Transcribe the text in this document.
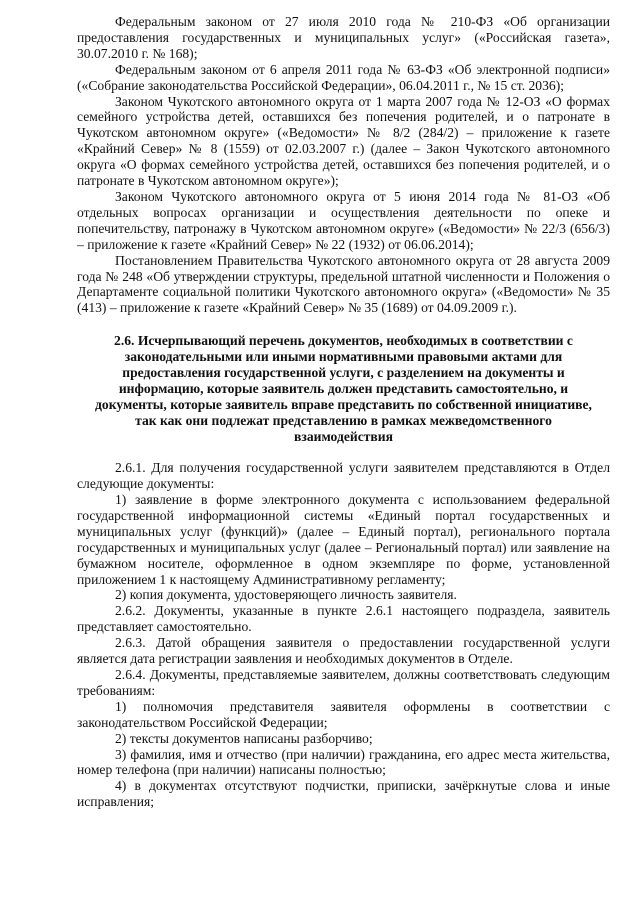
Федеральным законом от 27 июля 2010 года № 210-ФЗ «Об организации предоставления государственных и муниципальных услуг» («Российская газета», 30.07.2010 г. № 168);

Федеральным законом от 6 апреля 2011 года № 63-ФЗ «Об электронной подписи» («Собрание законодательства Российской Федерации», 06.04.2011 г., № 15 ст. 2036);

Законом Чукотского автономного округа от 1 марта 2007 года № 12-ОЗ «О формах семейного устройства детей, оставшихся без попечения родителей, и о патронате в Чукотском автономном округе» («Ведомости» № 8/2 (284/2) – приложение к газете «Крайний Север» № 8 (1559) от 02.03.2007 г.) (далее – Закон Чукотского автономного округа «О формах семейного устройства детей, оставшихся без попечения родителей, и о патронате в Чукотском автономном округе»);

Законом Чукотского автономного округа от 5 июня 2014 года № 81-ОЗ «Об отдельных вопросах организации и осуществления деятельности по опеке и попечительству, патронажу в Чукотском автономном округе» («Ведомости» № 22/3 (656/3) – приложение к газете «Крайний Север» № 22 (1932) от 06.06.2014);

Постановлением Правительства Чукотского автономного округа от 28 августа 2009 года № 248 «Об утверждении структуры, предельной штатной численности и Положения о Департаменте социальной политики Чукотского автономного округа» («Ведомости» № 35 (413) – приложение к газете «Крайний Север» № 35 (1689) от 04.09.2009 г.).

2.6. Исчерпывающий перечень документов, необходимых в соответствии с законодательными или иными нормативными правовыми актами для предоставления государственной услуги, с разделением на документы и информацию, которые заявитель должен представить самостоятельно, и документы, которые заявитель вправе представить по собственной инициативе, так как они подлежат представлению в рамках межведомственного взаимодействия

2.6.1. Для получения государственной услуги заявителем представляются в Отдел следующие документы:

1) заявление в форме электронного документа с использованием федеральной государственной информационной системы «Единый портал государственных и муниципальных услуг (функций)» (далее – Единый портал), регионального портала государственных и муниципальных услуг (далее – Региональный портал) или заявление на бумажном носителе, оформленное в одном экземпляре по форме, установленной приложением 1 к настоящему Административному регламенту;

2) копия документа, удостоверяющего личность заявителя.

2.6.2. Документы, указанные в пункте 2.6.1 настоящего подраздела, заявитель представляет самостоятельно.

2.6.3. Датой обращения заявителя о предоставлении государственной услуги является дата регистрации заявления и необходимых документов в Отделе.

2.6.4. Документы, представляемые заявителем, должны соответствовать следующим требованиям:

1) полномочия представителя заявителя оформлены в соответствии с законодательством Российской Федерации;

2) тексты документов написаны разборчиво;

3) фамилия, имя и отчество (при наличии) гражданина, его адрес места жительства, номер телефона (при наличии) написаны полностью;

4) в документах отсутствуют подчистки, приписки, зачёркнутые слова и иные исправления;
